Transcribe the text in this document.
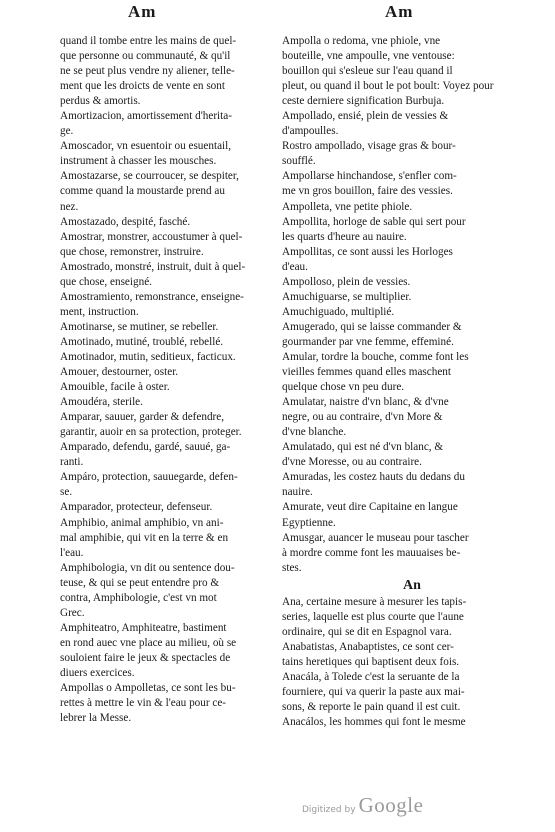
Am	Am
quand il tombe entre les mains de quel-
que personne ou communauté, & qu'il
ne se peut plus vendre ny aliener, telle-
ment que les droicts de vente en sont
perdus & amortis.
Amortizacion, amortissement d'herita-
ge.
Amoscador, vn esuentoir ou esuentail,
instrument à chasser les mousches.
Amostazarse, se courroucer, se despiter,
comme quand la moustarde prend au
nez.
Amostazado, despité, fasché.
Amostrar, monstrer, accoustumer à quel-
que chose, remonstrer, instruire.
Amostrado, monstré, instruit, duit à quel-
que chose, enseigné.
Amostramiento, remonstrance, enseigne-
ment, instruction.
Amotinarse, se mutiner, se rebeller.
Amotinado, mutiné, troublé, rebellé.
Amotinador, mutin, seditieux, facticux.
Amouer, destourner, oster.
Amouible, facile à oster.
Amoudéra, sterile.
Amparar, sauuer, garder & defendre,
garantir, auoir en sa protection, proteger.
Amparado, defendu, gardé, sauué, ga-
ranti.
Ampáro, protection, sauuegarde, defen-
se.
Amparador, protecteur, defenseur.
Amphibio, animal amphibio, vn ani-
mal amphibie, qui vit en la terre & en
l'eau.
Amphibologia, vn dit ou sentence dou-
teuse, & qui se peut entendre pro &
contra, Amphibologie, c'est vn mot
Grec.
Amphiteatro, Amphiteatre, bastiment
en rond auec vne place au milieu, où se
souloient faire le jeux & spectacles de
diuers exercices.
Ampollas o Ampolletas, ce sont les bu-
rettes à mettre le vin & l'eau pour ce-
lebrer la Messe.
Ampolla o redoma, vne phiole, vne
bouteille, vne ampoulle, vne ventouse:
bouillon qui s'esleue sur l'eau quand il
pleut, ou quand il bout le pot boult: Voyez pour
ceste derniere signification Burbuja.
Ampollado, ensié, plein de vessies &
d'ampoulles.
Rostro ampollado, visage gras & bour-
soufflé.
Ampollarse hinchandose, s'enfler com-
me vn gros bouillon, faire des vessies.
Ampolleta, vne petite phiole.
Ampollita, horloge de sable qui sert pour
les quarts d'heure au nauire.
Ampollitas, ce sont aussi les Horloges
d'eau.
Ampolloso, plein de vessies.
Amuchiguarse, se multiplier.
Amuchiguado, multiplié.
Amugerado, qui se laisse commander &
gourmander par vne femme, effeminé.
Amular, tordre la bouche, comme font les
vieilles femmes quand elles maschent
quelque chose vn peu dure.
Amulatar, naistre d'vn blanc, & d'vne
negre, ou au contraire, d'vn More &
d'vne blanche.
Amulatado, qui est né d'vn blanc, &
d'vne Moresse, ou au contraire.
Amuradas, les costez hauts du dedans du
nauire.
Amurate, veut dire Capitaine en langue
Egyptienne.
Amusgar, auancer le museau pour tascher
à mordre comme font les mauuaises be-
stes.
An
Ana, certaine mesure à mesurer les tapis-
series, laquelle est plus courte que l'aune
ordinaire, qui se dit en Espagnol vara.
Anabatistas, Anabaptistes, ce sont cer-
tains heretiques qui baptisent deux fois.
Anacála, à Tolede c'est la seruante de la
fourniere, qui va querir la paste aux mai-
sons, & reporte le pain quand il est cuit.
Anacálos, les hommes qui font le mesme
Digitized by Google
